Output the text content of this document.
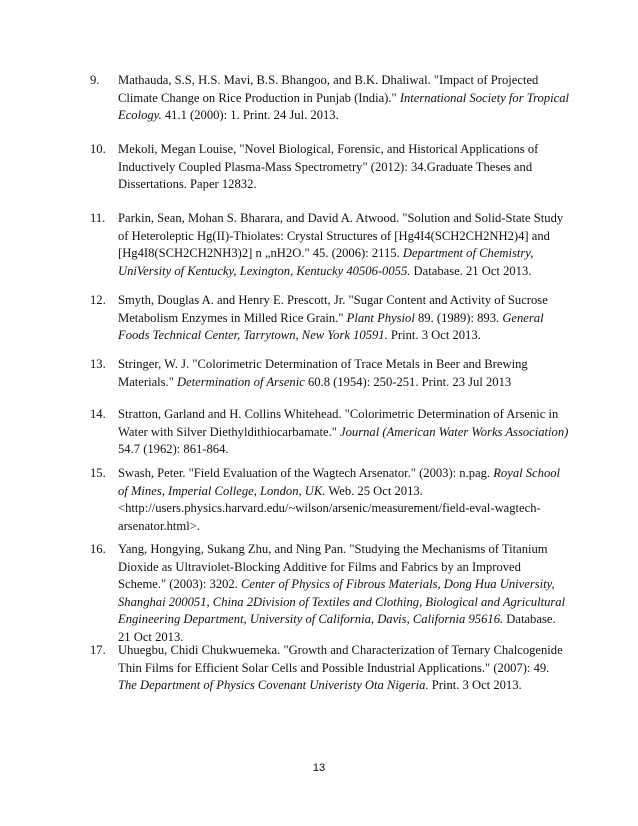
9.	Mathauda, S.S, H.S. Mavi, B.S. Bhangoo, and B.K. Dhaliwal. "Impact of Projected Climate Change on Rice Production in Punjab (India)." International Society for Tropical Ecology. 41.1 (2000): 1. Print. 24 Jul. 2013.
10. Mekoli, Megan Louise, "Novel Biological, Forensic, and Historical Applications of Inductively Coupled Plasma-Mass Spectrometry" (2012): 34.Graduate Theses and Dissertations. Paper 12832.
11.	Parkin, Sean, Mohan S. Bharara, and David A. Atwood. "Solution and Solid-State Study of Heteroleptic Hg(II)-Thiolates: Crystal Structures of [Hg4I4(SCH2CH2NH2)4] and [Hg4I8(SCH2CH2NH3)2] n „nH2O." 45. (2006): 2115. Department of Chemistry, UniVersity of Kentucky, Lexington, Kentucky 40506-0055. Database. 21 Oct 2013.
12. Smyth, Douglas A. and Henry E. Prescott, Jr. "Sugar Content and Activity of Sucrose Metabolism Enzymes in Milled Rice Grain." Plant Physiol 89. (1989): 893. General Foods Technical Center, Tarrytown, New York 10591. Print. 3 Oct 2013.
13. Stringer, W. J. "Colorimetric Determination of Trace Metals in Beer and Brewing Materials." Determination of Arsenic 60.8 (1954): 250-251. Print. 23 Jul 2013
14. Stratton, Garland and H. Collins Whitehead. "Colorimetric Determination of Arsenic in Water with Silver Diethyldithiocarbamate." Journal (American Water Works Association) 54.7 (1962): 861-864.
15. Swash, Peter. "Field Evaluation of the Wagtech Arsenator." (2003): n.pag. Royal School of Mines, Imperial College, London, UK. Web. 25 Oct 2013. <http://users.physics.harvard.edu/~wilson/arsenic/measurement/field-eval-wagtech-arsenator.html>.
16. Yang, Hongying, Sukang Zhu, and Ning Pan. "Studying the Mechanisms of Titanium Dioxide as Ultraviolet-Blocking Additive for Films and Fabrics by an Improved Scheme." (2003): 3202. Center of Physics of Fibrous Materials, Dong Hua University, Shanghai 200051, China 2Division of Textiles and Clothing, Biological and Agricultural Engineering Department, University of California, Davis, California 95616. Database. 21 Oct 2013.
17. Uhuegbu, Chidi Chukwuemeka. "Growth and Characterization of Ternary Chalcogenide Thin Films for Efficient Solar Cells and Possible Industrial Applications." (2007): 49. The Department of Physics Covenant Univeristy Ota Nigeria. Print. 3 Oct 2013.
13
